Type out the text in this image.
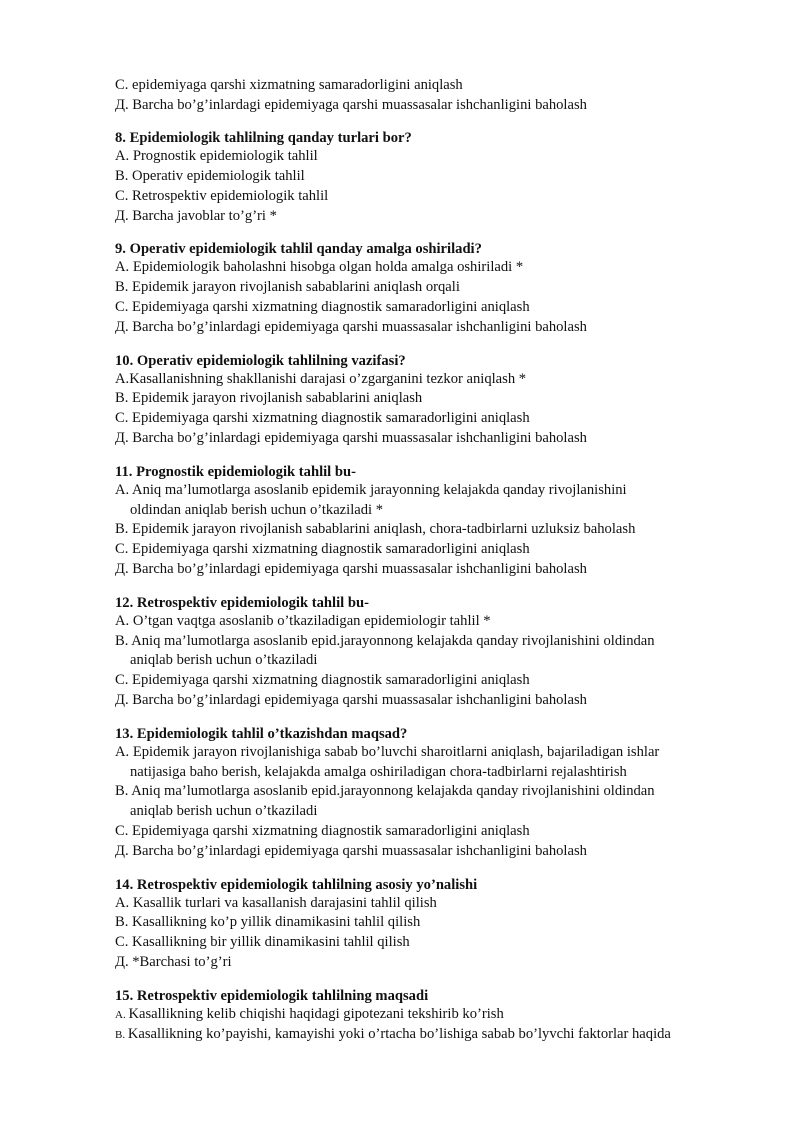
C. epidemiyaga qarshi xizmatning samaradorligini aniqlash
Д. Barcha bo’g’inlardagi epidemiyaga qarshi muassasalar ishchanligini baholash
8. Epidemiologik tahlilning qanday turlari bor?
A. Prognostik epidemiologik tahlil
B. Operativ epidemiologik tahlil
C. Retrospektiv epidemiologik tahlil
Д. Barcha javoblar to’g’ri *
9. Operativ epidemiologik tahlil qanday amalga oshiriladi?
A. Epidemiologik baholashni hisobga olgan holda amalga oshiriladi *
B. Epidemik jarayon rivojlanish sabablarini aniqlash orqali
C. Epidemiyaga qarshi xizmatning diagnostik samaradorligini aniqlash
Д. Barcha bo’g’inlardagi epidemiyaga qarshi muassasalar ishchanligini baholash
10. Operativ epidemiologik tahlilning vazifasi?
A.Kasallanishning shakllanishi darajasi o’zgarganini tezkor aniqlash *
B. Epidemik jarayon rivojlanish sabablarini aniqlash
C. Epidemiyaga qarshi xizmatning diagnostik samaradorligini aniqlash
Д. Barcha bo’g’inlardagi epidemiyaga qarshi muassasalar ishchanligini baholash
11. Prognostik epidemiologik tahlil bu-
A. Aniq ma’lumotlarga asoslanib epidemik jarayonning kelajakda qanday rivojlanishini
oldindan aniqlab berish uchun o’tkaziladi *
B. Epidemik jarayon rivojlanish sabablarini aniqlash, chora-tadbirlarni uzluksiz baholash
C. Epidemiyaga qarshi xizmatning diagnostik samaradorligini aniqlash
Д. Barcha bo’g’inlardagi epidemiyaga qarshi muassasalar ishchanligini baholash
12. Retrospektiv epidemiologik tahlil bu-
A. O’tgan vaqtga asoslanib o’tkaziladigan epidemiologir tahlil *
B. Aniq ma’lumotlarga asoslanib epid.jarayonnong kelajakda qanday rivojlanishini oldindan
aniqlab berish uchun o’tkaziladi
C. Epidemiyaga qarshi xizmatning diagnostik samaradorligini aniqlash
Д. Barcha bo’g’inlardagi epidemiyaga qarshi muassasalar ishchanligini baholash
13. Epidemiologik tahlil o’tkazishdan maqsad?
A. Epidemik jarayon rivojlanishiga sabab bo’luvchi sharoitlarni aniqlash, bajariladigan ishlar
natijasiga baho berish, kelajakda amalga oshiriladigan chora-tadbirlarni rejalashtirish
B. Aniq ma’lumotlarga asoslanib epid.jarayonnong kelajakda qanday rivojlanishini oldindan
aniqlab berish uchun o’tkaziladi
C. Epidemiyaga qarshi xizmatning diagnostik samaradorligini aniqlash
Д. Barcha bo’g’inlardagi epidemiyaga qarshi muassasalar ishchanligini baholash
14. Retrospektiv epidemiologik tahlilning asosiy yo’nalishi
A. Kasallik turlari va kasallanish darajasini tahlil qilish
B. Kasallikning ko’p yillik dinamikasini tahlil qilish
C. Kasallikning bir yillik dinamikasini tahlil qilish
Д. *Barchasi to’g’ri
15. Retrospektiv epidemiologik tahlilning maqsadi
A. Kasallikning kelib chiqishi haqidagi gipotezani tekshirib ko’rish
B. Kasallikning ko’payishi, kamayishi yoki o’rtacha bo’lishiga sabab bo’lyvchi faktorlar haqida
